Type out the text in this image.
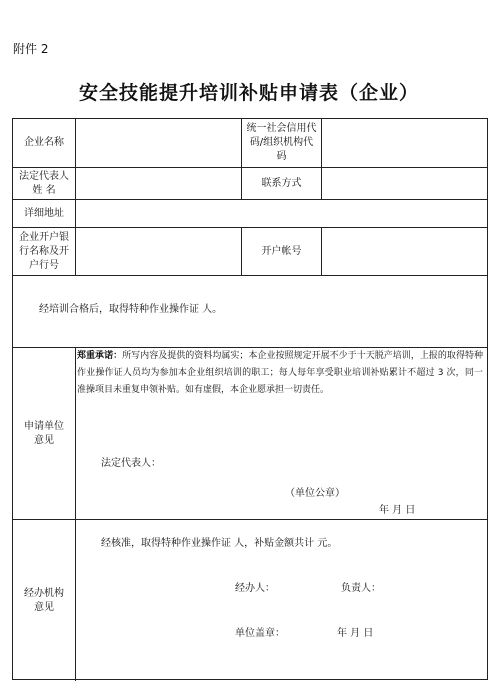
附件 2
安全技能提升培训补贴申请表（企业）
企业名称
统一社会信用代码/组织机构代码
法定代表人姓 名
联系方式
详细地址
企业开户银行名称及开户行号
开户帐号
经培训合格后，取得特种作业操作证 人。
申请单位意见
郑重承诺：所写内容及提供的资料均属实；本企业按照规定开展不少于十天脱产培训，上报的取得特种作业操作证人员均为参加本企业组织培训的职工；每人每年享受职业培训补贴累计不超过 3 次，同一准操项目未重复申领补贴。如有虚假，本企业愿承担一切责任。
法定代表人：
（单位公章）
年 月 日
经办机构意见
经核准，取得特种作业操作证 人，补贴金额共计 元。
经办人：	负责人：
单位盖章：	年 月 日
